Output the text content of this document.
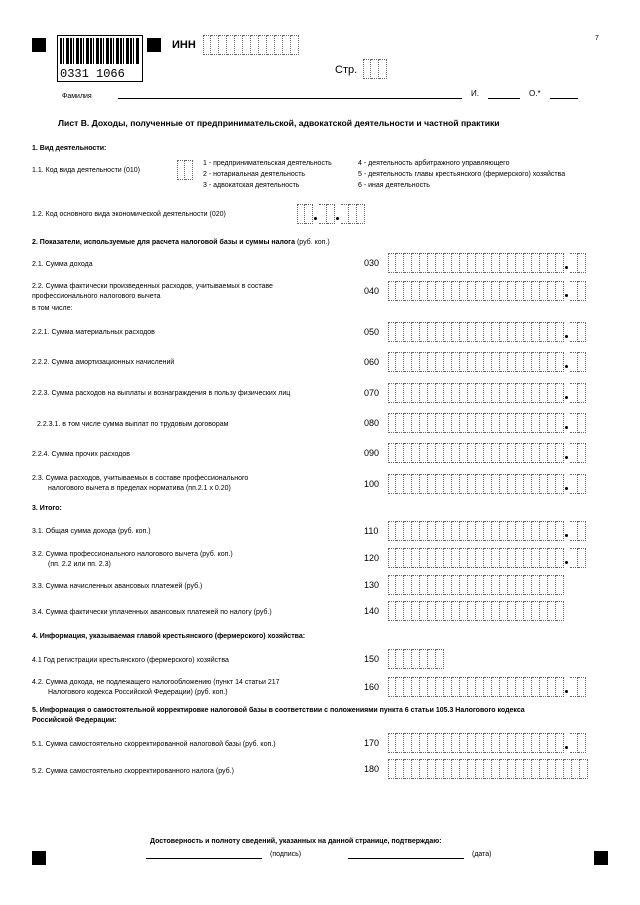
7
0331 1066
ИНН
Стр.
Фамилия	И.	О.*
Лист В. Доходы, полученные от предпринимательской, адвокатской деятельности и частной практики
1. Вид деятельности:
1.1. Код вида деятельности (010)
1 - предпринимательская деятельность
2 - нотариальная деятельность
3 - адвокатская деятельность
4 - деятельность арбитражного управляющего
5 - деятельность главы крестьянского (фермерского) хозяйства
6 - иная деятельность
1.2. Код основного вида экономической деятельности (020)
2. Показатели, используемые для расчета налоговой базы и суммы налога (руб. коп.)
2.1. Сумма дохода	030
2.2. Сумма фактически произведенных расходов, учитываемых в составе
профессионального налогового вычета
040
в том числе:
2.2.1. Сумма материальных расходов	050
2.2.2. Сумма амортизационных начислений	060
2.2.3. Сумма расходов на выплаты и вознаграждения в пользу физических лиц	070
2.2.3.1. в том числе сумма выплат по трудовым договорам	080
2.2.4. Сумма прочих расходов	090
2.3. Сумма расходов, учитываемых в составе профессионального
налогового вычета в пределах норматива (пп.2.1 х 0.20)	100
3. Итого:
3.1. Общая сумма дохода (руб. коп.)	110
3.2. Сумма профессионального налогового вычета (руб. коп.)
(пп. 2.2 или пп. 2.3)
120
3.3. Сумма начисленных авансовых платежей (руб.)	130
3.4. Сумма фактически уплаченных авансовых платежей по налогу (руб.)	140
4. Информация, указываемая главой крестьянского (фермерского) хозяйства:
4.1 Год регистрации крестьянского (фермерского) хозяйства	150
4.2. Сумма дохода, не подлежащего налогообложению (пункт 14 статьи 217
Налогового кодекса Российской Федерации) (руб. коп.)
160
5. Информация о самостоятельной корректировке налоговой базы в соответствии с положениями пункта 6 статьи 105.3 Налогового кодекса
Российской Федерации:
5.1. Сумма самостоятельно скорректированной налоговой базы (руб. коп.)	170
5.2. Сумма самостоятельно скорректированного налога (руб.)	180
Достоверность и полноту сведений, указанных на данной странице, подтверждаю:
(подпись)	(дата)
